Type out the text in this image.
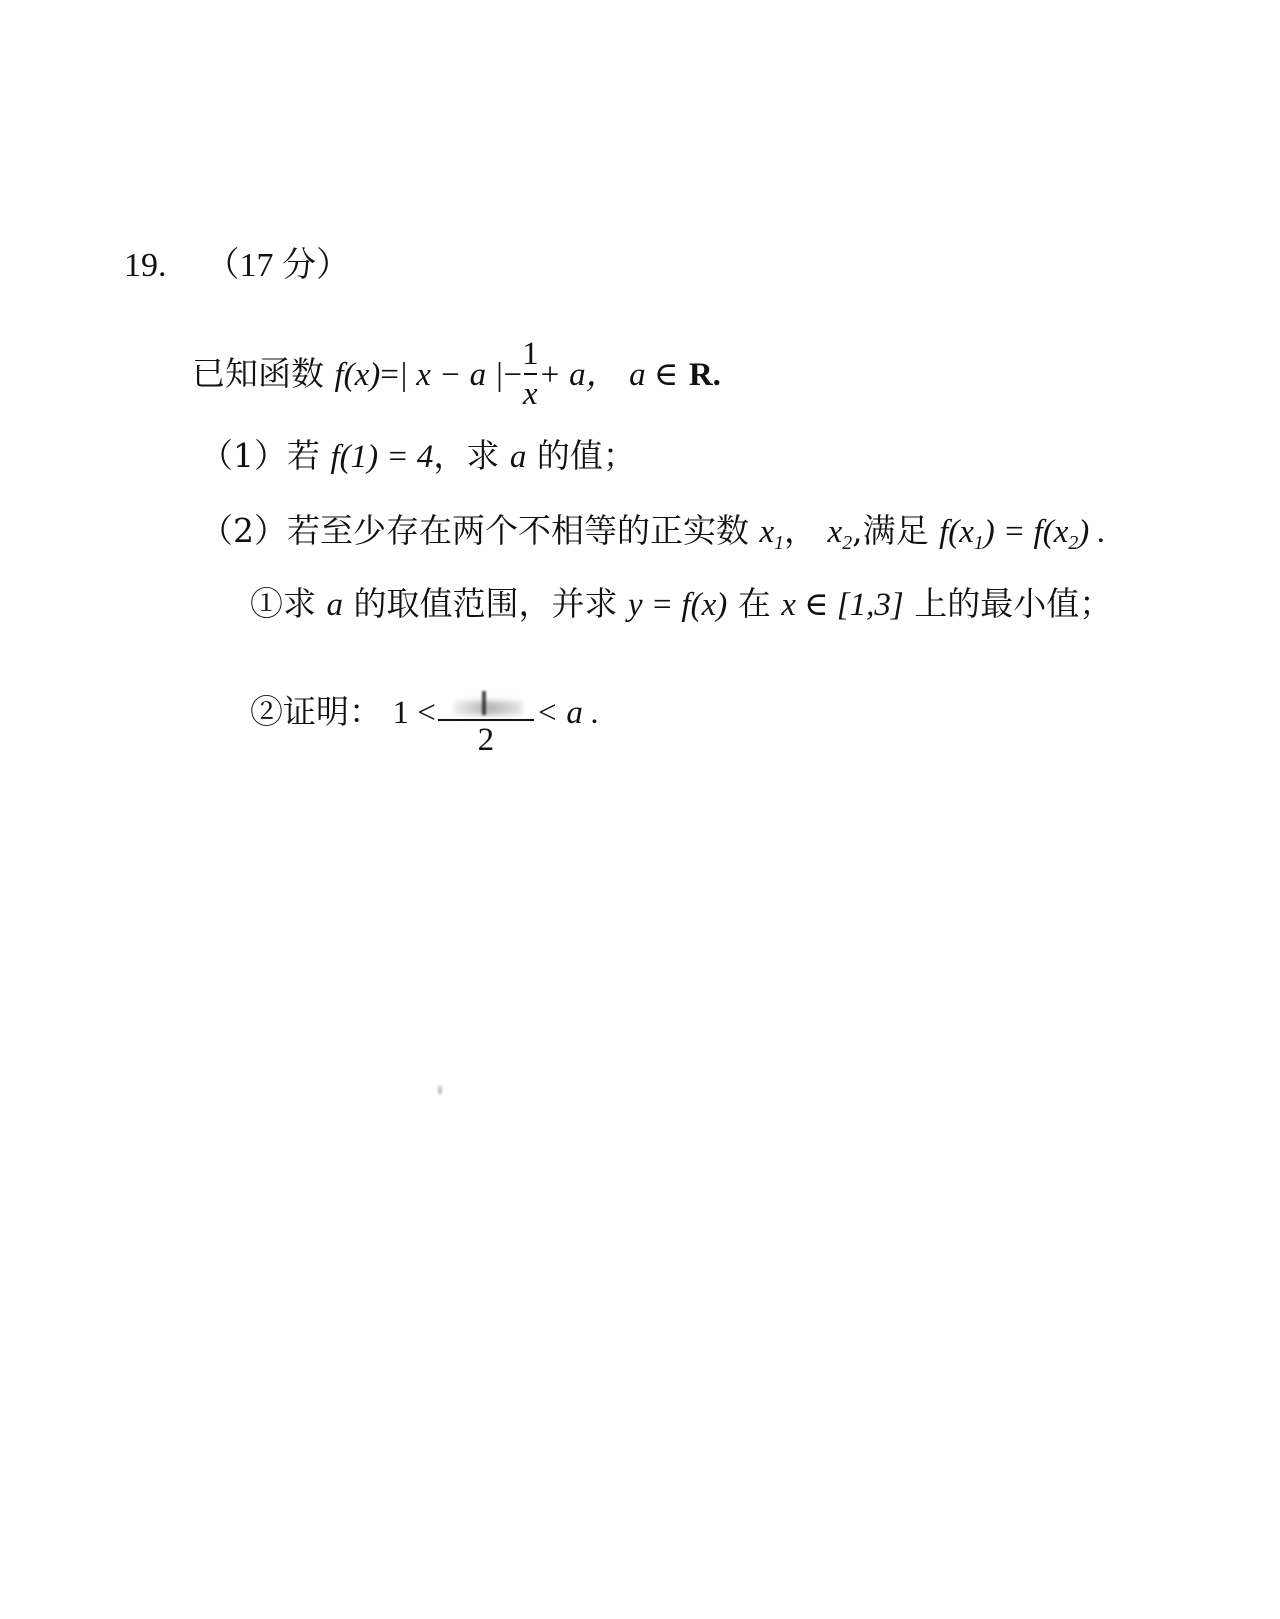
19. （17 分）
已知函数 f(x)=| x − a |− $\frac{1}{x} + a$， a ∈ R.
（1）若 f(1) = 4，求 a 的值；
（2）若至少存在两个不相等的正实数 $x_1$， $x_2$,满足 $f(x_1) = f(x_2)$ .
①求 a 的取值范围，并求 y = f(x) 在 x ∈ [1,3] 上的最小值；
②证明： 1 <
2
< a .
